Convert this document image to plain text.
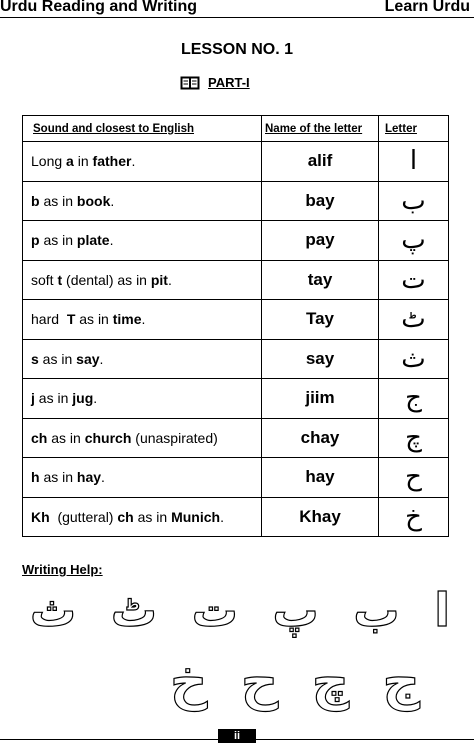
Urdu Reading and Writing	Learn Urdu
LESSON NO. 1
PART-I
Sound and closest to English	Name of the letter	Letter
Long a in father.	alif	ا
b as in book.	bay	ب
p as in plate.	pay	پ
soft t (dental) as in pit.	tay	ت
hard  T as in time.	Tay	ٹ
s as in say.	say	ث
j as in jug.	jiim	ج
ch as in church (unaspirated)	chay	چ
h as in hay.	hay	ح
Kh  (gutteral) ch as in Munich.	Khay	خ
Writing Help:
ا
ب
پ
ت
ٹ
ث
ج
چ
ح
خ
ii
